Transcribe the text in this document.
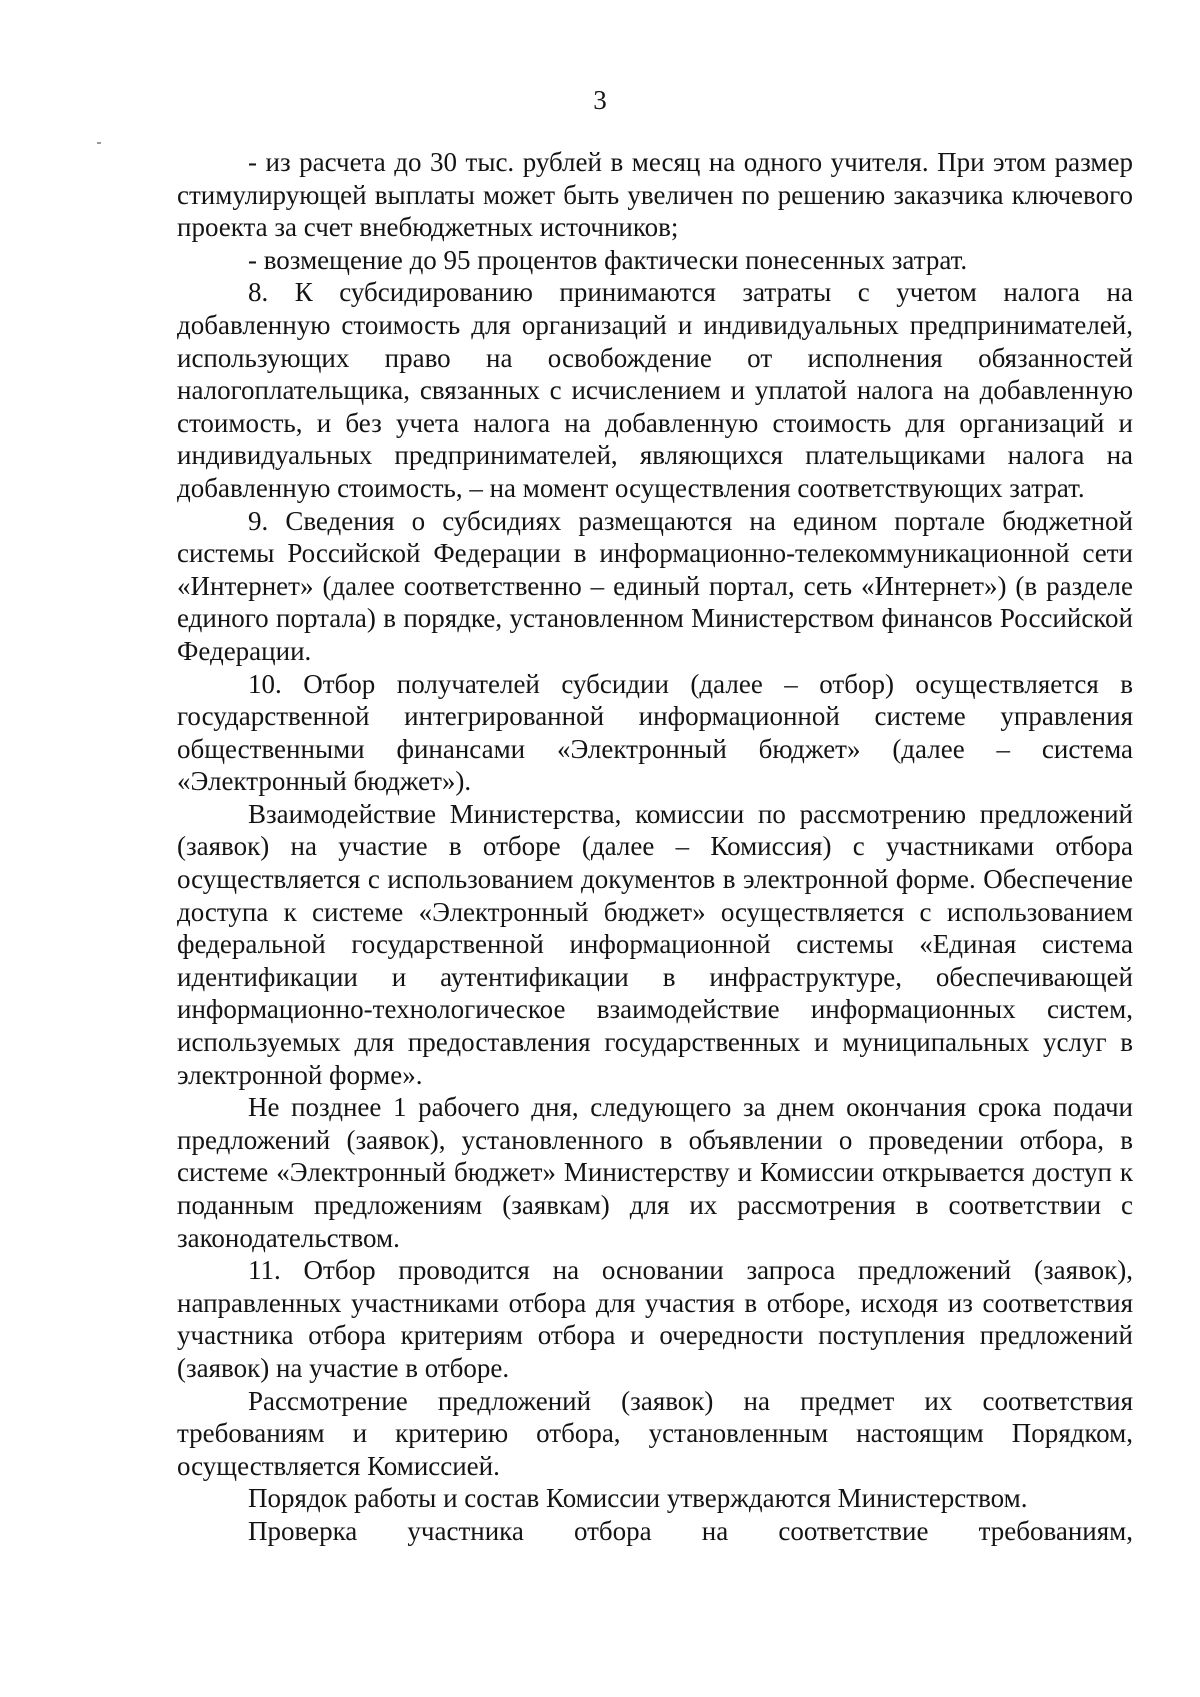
3

- из расчета до 30 тыс. рублей в месяц на одного учителя. При этом размер стимулирующей выплаты может быть увеличен по решению заказчика ключевого проекта за счет внебюджетных источников;

- возмещение до 95 процентов фактически понесенных затрат.

8. К субсидированию принимаются затраты с учетом налога на добавленную стоимость для организаций и индивидуальных предпринимателей, использующих право на освобождение от исполнения обязанностей налогоплательщика, связанных с исчислением и уплатой налога на добавленную стоимость, и без учета налога на добавленную стоимость для организаций и индивидуальных предпринимателей, являющихся плательщиками налога на добавленную стоимость, – на момент осуществления соответствующих затрат.

9. Сведения о субсидиях размещаются на едином портале бюджетной системы Российской Федерации в информационно-телекоммуникационной сети «Интернет» (далее соответственно – единый портал, сеть «Интернет») (в разделе единого портала) в порядке, установленном Министерством финансов Российской Федерации.

10. Отбор получателей субсидии (далее – отбор) осуществляется в государственной интегрированной информационной системе управления общественными финансами «Электронный бюджет» (далее – система «Электронный бюджет»).

Взаимодействие Министерства, комиссии по рассмотрению предложений (заявок) на участие в отборе (далее – Комиссия) с участниками отбора осуществляется с использованием документов в электронной форме. Обеспечение доступа к системе «Электронный бюджет» осуществляется с использованием федеральной государственной информационной системы «Единая система идентификации и аутентификации в инфраструктуре, обеспечивающей информационно-технологическое взаимодействие информационных систем, используемых для предоставления государственных и муниципальных услуг в электронной форме».

Не позднее 1 рабочего дня, следующего за днем окончания срока подачи предложений (заявок), установленного в объявлении о проведении отбора, в системе «Электронный бюджет» Министерству и Комиссии открывается доступ к поданным предложениям (заявкам) для их рассмотрения в соответствии с законодательством.

11. Отбор проводится на основании запроса предложений (заявок), направленных участниками отбора для участия в отборе, исходя из соответствия участника отбора критериям отбора и очередности поступления предложений (заявок) на участие в отборе.

Рассмотрение предложений (заявок) на предмет их соответствия требованиям и критерию отбора, установленным настоящим Порядком, осуществляется Комиссией.

Порядок работы и состав Комиссии утверждаются Министерством.

Проверка участника отбора на соответствие требованиям,
